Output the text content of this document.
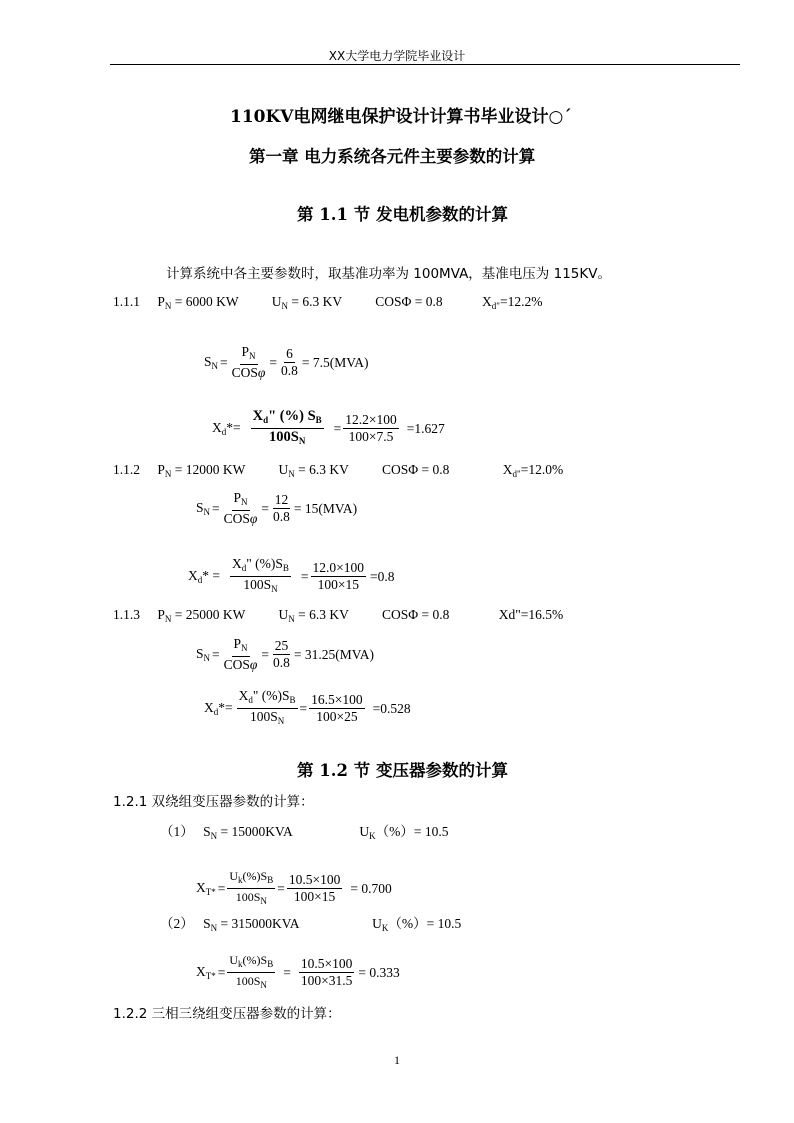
XX大学电力学院毕业设计
110KV电网继电保护设计计算书毕业设计○´
第一章 电力系统各元件主要参数的计算
第 1.1 节 发电机参数的计算
计算系统中各主要参数时，取基准功率为 100MVA，基准电压为 115KV。
1.1.1 $P_N = 6000$ KW $U_N = 6.3$ KV COSΦ = 0.8	$X_{d"}=12.2\%$
$S_N = \frac{P_N}{\text{COSφ}} = \frac{6}{0.8} = 7.5(MVA)$
$X_d*= \frac{X_d" (\%) S_B}{100S_N} = \frac{12.2\times 100}{100\times 7.5} =1.627$
1.1.2 $P_N = 12000$ KW $U_N = 6.3$ KV COSΦ = 0.8	$X_{d"}=12.0\%$
$S_N = \frac{P_N}{\text{COSφ}} = \frac{12}{0.8} = 15(MVA)$
$X_d* = \frac{X_d" (\%)S_B}{100S_N} = \frac{12.0\times 100}{100\times 15} =0.8$
1.1.3 $P_N = 25000$ KW $U_N = 6.3$ KV COSΦ = 0.8	Xd"=16.5%
$S_N = \frac{P_N}{\text{COSφ}} = \frac{25}{0.8} = 31.25(MVA)$
$X_d*= \frac{X_d" (\%)S_B}{100S_N} = \frac{16.5\times 100}{100\times 25} =0.528$
第 1.2 节 变压器参数的计算
1.2.1 双绕组变压器参数的计算：
（1） $S_N = 15000KVA$	$U_K(\%)= 10.5$
$X_{T*} = \frac{U_k(\%)S_B}{100S_N} = \frac{10.5\times 100}{100\times 15} = 0.700$
（2） $S_N = 315000KVA$	$U_K(\%)= 10.5$
$X_{T*} = \frac{U_k(\%)S_B}{100S_N} = \frac{10.5\times 100}{100\times 31.5} = 0.333$
1.2.2 三相三绕组变压器参数的计算：
1
